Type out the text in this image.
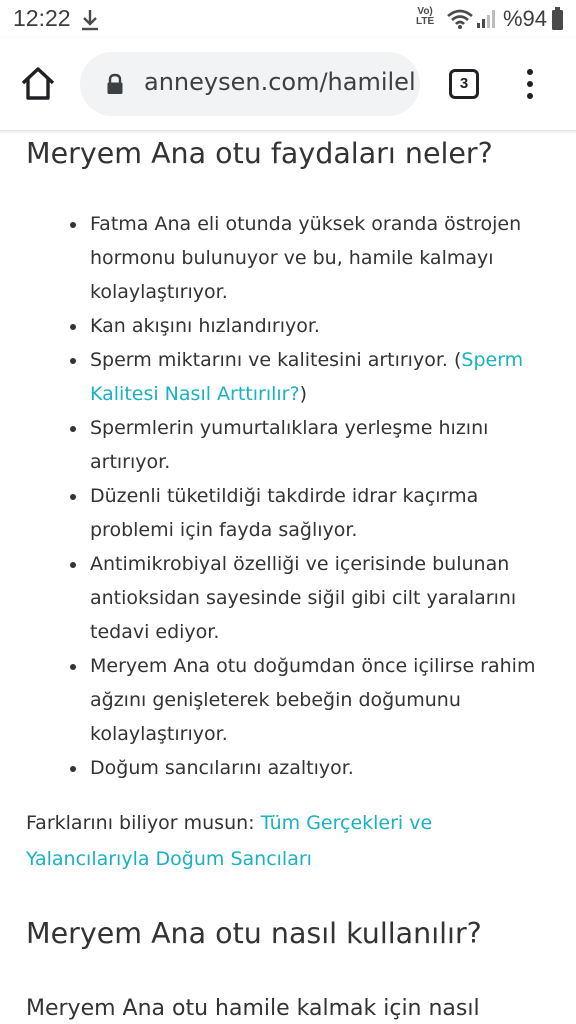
12:22	Vo)
LTE	%94
anneysen.com/hamilel	3
Meryem Ana otu faydaları neler?
Fatma Ana eli otunda yüksek oranda östrojen
hormonu bulunuyor ve bu, hamile kalmayı
kolaylaştırıyor.
Kan akışını hızlandırıyor.
Sperm miktarını ve kalitesini artırıyor. (Sperm
Kalitesi Nasıl Arttırılır?)
Spermlerin yumurtalıklara yerleşme hızını
artırıyor.
Düzenli tüketildiği takdirde idrar kaçırma
problemi için fayda sağlıyor.
Antimikrobiyal özelliği ve içerisinde bulunan
antioksidan sayesinde siğil gibi cilt yaralarını
tedavi ediyor.
Meryem Ana otu doğumdan önce içilirse rahim
ağzını genişleterek bebeğin doğumunu
kolaylaştırıyor.
Doğum sancılarını azaltıyor.
Farklarını biliyor musun: Tüm Gerçekleri ve
Yalancılarıyla Doğum Sancıları
Meryem Ana otu nasıl kullanılır?
Meryem Ana otu hamile kalmak için nasıl
